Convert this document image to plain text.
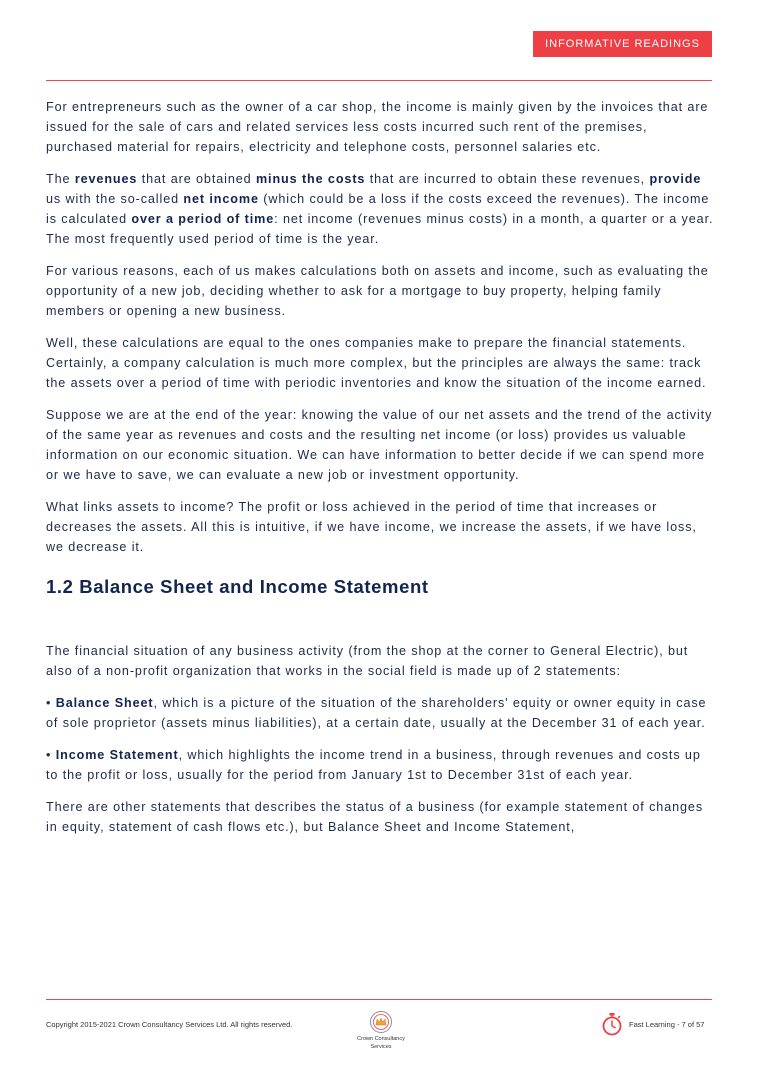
INFORMATIVE READINGS

For entrepreneurs such as the owner of a car shop, the income is mainly given by the invoices that are issued for the sale of cars and related services less costs incurred such rent of the premises, purchased material for repairs, electricity and telephone costs, personnel salaries etc.

The revenues that are obtained minus the costs that are incurred to obtain these revenues, provide us with the so-called net income (which could be a loss if the costs exceed the revenues). The income is calculated over a period of time: net income (revenues minus costs) in a month, a quarter or a year. The most frequently used period of time is the year.

For various reasons, each of us makes calculations both on assets and income, such as evaluating the opportunity of a new job, deciding whether to ask for a mortgage to buy property, helping family members or opening a new business.

Well, these calculations are equal to the ones companies make to prepare the financial statements. Certainly, a company calculation is much more complex, but the principles are always the same: track the assets over a period of time with periodic inventories and know the situation of the income earned.

Suppose we are at the end of the year: knowing the value of our net assets and the trend of the activity of the same year as revenues and costs and the resulting net income (or loss) provides us valuable information on our economic situation. We can have information to better decide if we can spend more or we have to save, we can evaluate a new job or investment opportunity.

What links assets to income? The profit or loss achieved in the period of time that increases or decreases the assets. All this is intuitive, if we have income, we increase the assets, if we have loss, we decrease it.

1.2 Balance Sheet and Income Statement

The financial situation of any business activity (from the shop at the corner to General Electric), but also of a non-profit organization that works in the social field is made up of 2 statements:

• Balance Sheet, which is a picture of the situation of the shareholders' equity or owner equity in case of sole proprietor (assets minus liabilities), at a certain date, usually at the December 31 of each year.

• Income Statement, which highlights the income trend in a business, through revenues and costs up to the profit or loss, usually for the period from January 1st to December 31st of each year.

There are other statements that describes the status of a business (for example statement of changes in equity, statement of cash flows etc.), but Balance Sheet and Income Statement,

Copyright 2015-2021 Crown Consultancy Services Ltd. All rights reserved.
Crown Consultancy
Services
Fast Learning - 7 of 57
